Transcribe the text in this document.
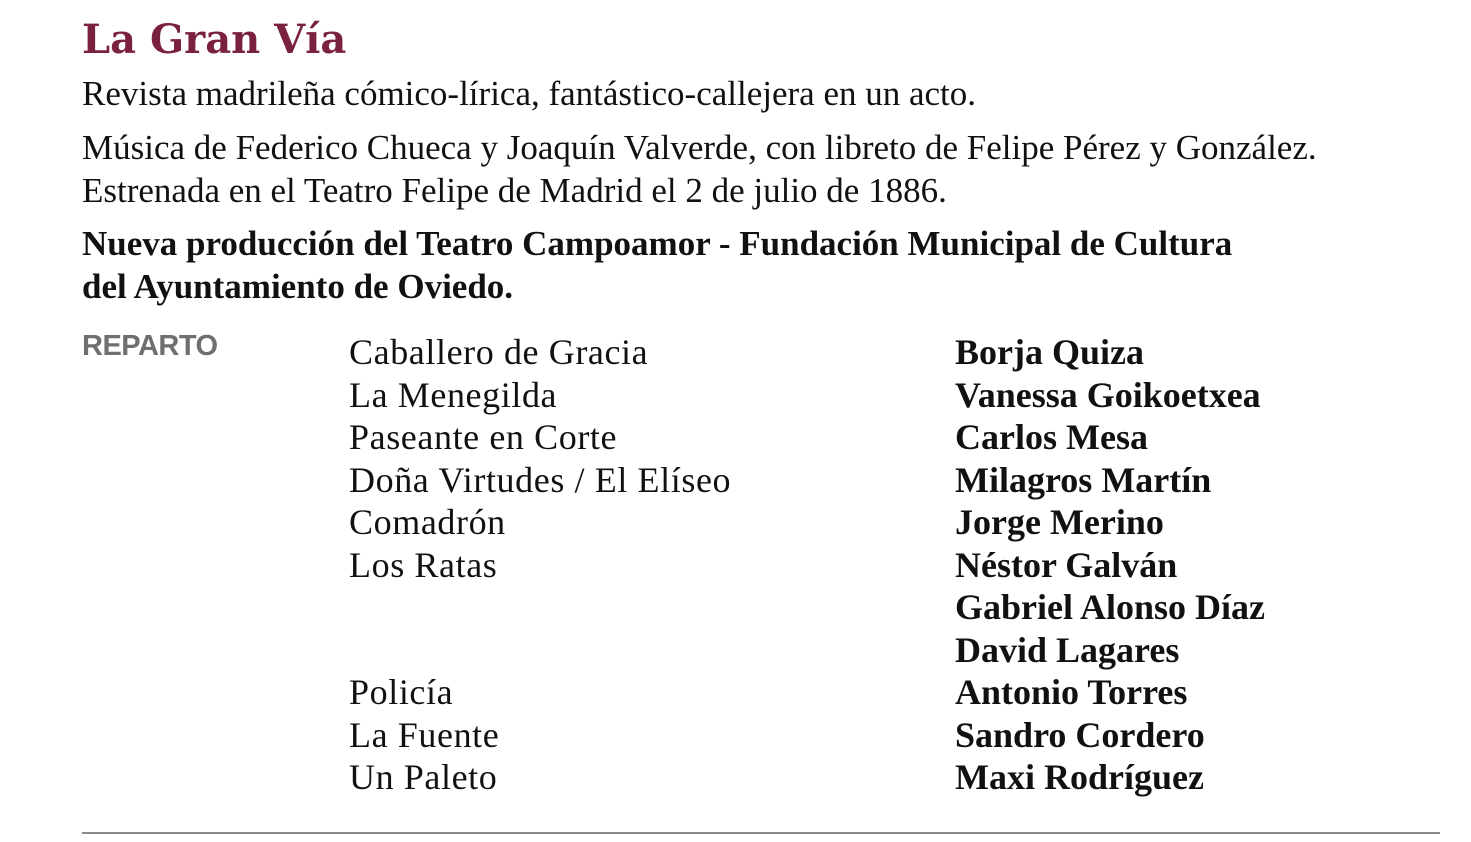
La Gran Vía

Revista madrileña cómico-lírica, fantástico-callejera en un acto.

Música de Federico Chueca y Joaquín Valverde, con libreto de Felipe Pérez y González.
Estrenada en el Teatro Felipe de Madrid el 2 de julio de 1886.

Nueva producción del Teatro Campoamor - Fundación Municipal de Cultura
del Ayuntamiento de Oviedo.

REPARTO	Caballero de Gracia	Borja Quiza
La Menegilda	Vanessa Goikoetxea
Paseante en Corte	Carlos Mesa
Doña Virtudes / El Elíseo	Milagros Martín
Comadrón	Jorge Merino
Los Ratas	Néstor Galván
Gabriel Alonso Díaz
David Lagares
Policía	Antonio Torres
La Fuente	Sandro Cordero
Un Paleto	Maxi Rodríguez
